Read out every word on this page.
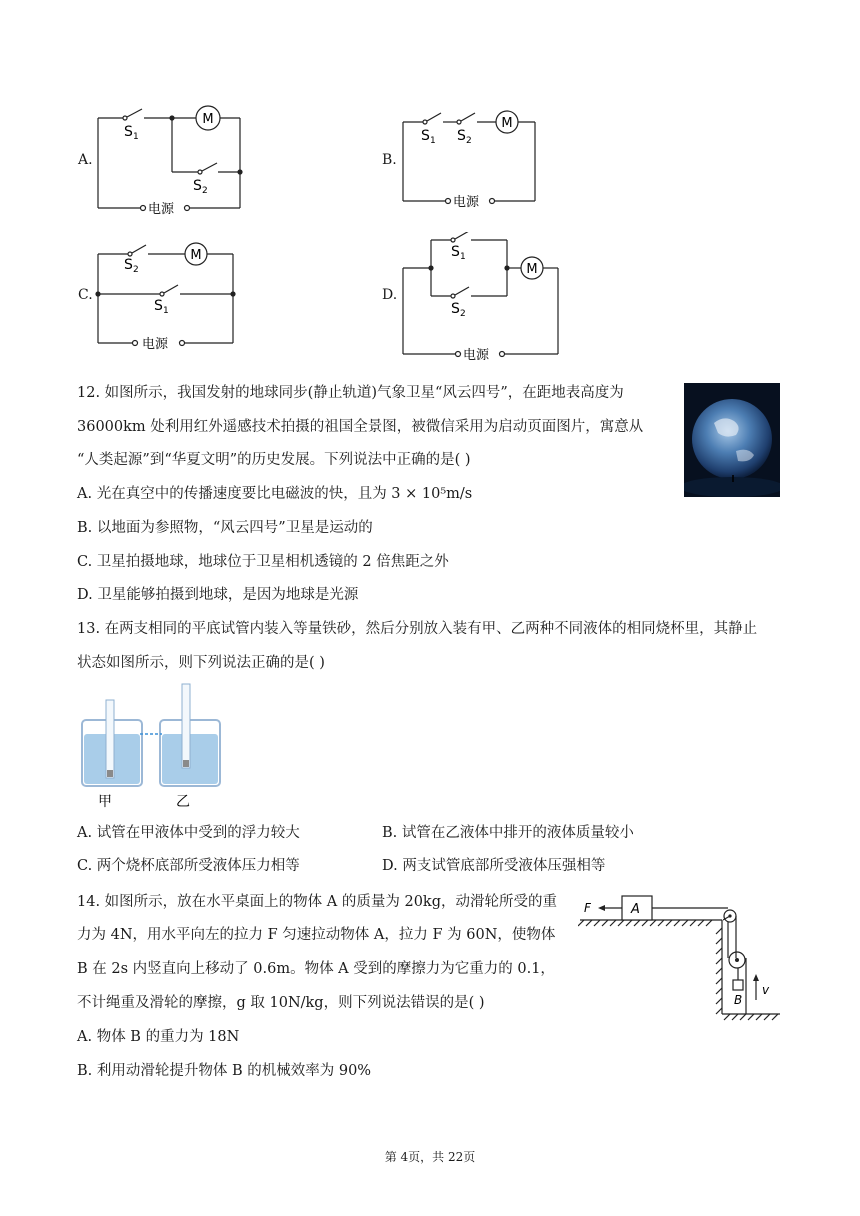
A.	B.
C.	D.
M
S 1
S 2
电源
M
S 1 S 2
电源
M
S 2
S 1
电源
M
S 1
S 2
电源
12. 如图所示，我国发射的地球同步(静止轨道)气象卫星“风云四号”，在距地表高度为
36000km 处利用红外遥感技术拍摄的祖国全景图，被微信采用为启动页面图片，寓意从
“人类起源”到“华夏文明”的历史发展。下列说法中正确的是( )
A. 光在真空中的传播速度要比电磁波的快，且为 3 × 10⁵m/s
B. 以地面为参照物，“风云四号”卫星是运动的
C. 卫星拍摄地球，地球位于卫星相机透镜的 2 倍焦距之外
D. 卫星能够拍摄到地球，是因为地球是光源
13. 在两支相同的平底试管内装入等量铁砂，然后分别放入装有甲、乙两种不同液体的相同烧杯里，其静止
状态如图所示，则下列说法正确的是( )
甲	乙
A. 试管在甲液体中受到的浮力较大	B. 试管在乙液体中排开的液体质量较小
C. 两个烧杯底部所受液体压力相等	D. 两支试管底部所受液体压强相等
14. 如图所示，放在水平桌面上的物体 A 的质量为 20kg，动滑轮所受的重
力为 4N，用水平向左的拉力 F 匀速拉动物体 A，拉力 F 为 60N，使物体
B 在 2s 内竖直向上移动了 0.6m。物体 A 受到的摩擦力为它重力的 0.1，
不计绳重及滑轮的摩擦，g 取 10N/kg，则下列说法错误的是( )
A. 物体 B 的重力为 18N
B. 利用动滑轮提升物体 B 的机械效率为 90%
F	A
B
v
第 4页，共 22页
